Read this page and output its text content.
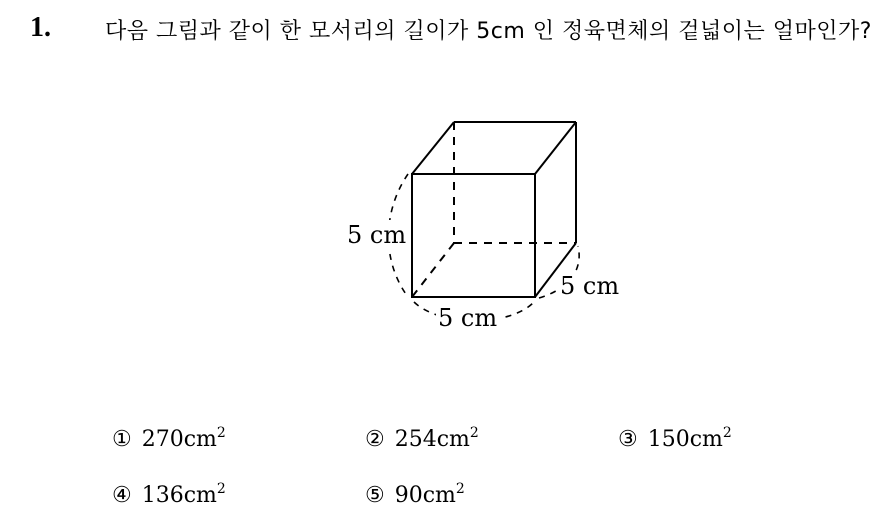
1. 다음 그림과 같이 한 모서리의 길이가 5cm 인 정육면체의 겉넓이는 얼마인가?
5 cm
5 cm
5 cm
① $270cm^2$	② $254cm^2$	③ $150cm^2$
④ $136cm^2$	⑤ $90cm^2$
